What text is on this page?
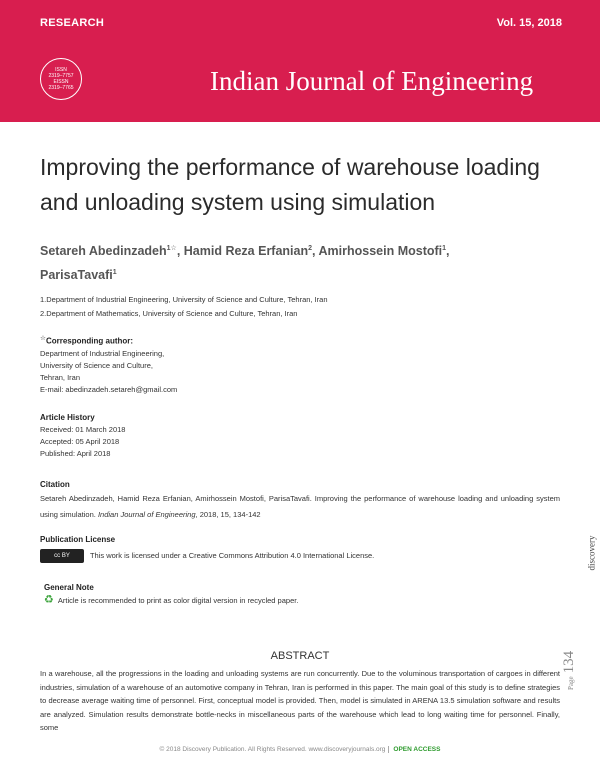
RESEARCH	Vol. 15, 2018
ISSN
2319–7757
EISSN
2319–7765	Indian Journal of Engineering
Improving the performance of warehouse loading and unloading system using simulation
Setareh Abedinzadeh$^{1☆}$, Hamid Reza Erfanian$^2$, Amirhossein Mostofi$^1$,
ParisaTavafi$^1$
1.Department of Industrial Engineering, University of Science and Culture, Tehran, Iran
2.Department of Mathematics, University of Science and Culture, Tehran, Iran
☆Corresponding author:
Department of Industrial Engineering,
University of Science and Culture,
Tehran, Iran
E-mail: abedinzadeh.setareh@gmail.com
Article History
Received: 01 March 2018
Accepted: 05 April 2018
Published: April 2018
Citation
Setareh Abedinzadeh, Hamid Reza Erfanian, Amirhossein Mostofi, ParisaTavafi. Improving the performance of warehouse loading and unloading system using simulation. Indian Journal of Engineering, 2018, 15, 134-142
Publication License
cc BY	This work is licensed under a Creative Commons Attribution 4.0 International License.
General Note
♻ Article is recommended to print as color digital version in recycled paper.
ABSTRACT
In a warehouse, all the progressions in the loading and unloading systems are run concurrently. Due to the voluminous transportation of cargoes in different industries, simulation of a warehouse of an automotive company in Tehran, Iran is performed in this paper. The main goal of this study is to define strategies to decrease average waiting time of personnel. First, conceptual model is provided. Then, model is simulated in ARENA 13.5 simulation software and results are analyzed. Simulation results demonstrate bottle-necks in miscellaneous parts of the warehouse which lead to long waiting time for personnel. Finally, some
© 2018 Discovery Publication. All Rights Reserved. www.discoveryjournals.org OPEN ACCESS
discovery
Page134
